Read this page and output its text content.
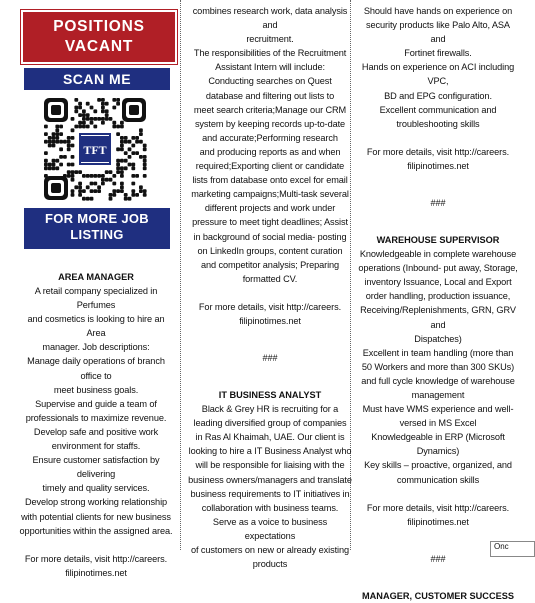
POSITIONS
VACANT
SCAN ME
TFT
FOR MORE JOB
LISTING

AREA MANAGER

A retail company specialized in Perfumes

and cosmetics is looking to hire an Area

manager. Job descriptions:

Manage daily operations of branch office to

meet business goals.

Supervise and guide a team of

professionals to maximize revenue.

Develop safe and positive work

environment for staffs.

Ensure customer satisfaction by delivering

timely and quality services.

Develop strong working relationship

with potential clients for new business

opportunities within the assigned area.

For more details, visit http://careers.

filipinotimes.net

combines research work, data analysis and

recruitment.

The responsibilities of the Recruitment

Assistant Intern will include:

Conducting searches on Quest

database and filtering out lists to

meet search criteria;Manage our CRM

system by keeping records up-to-date

and accurate;Performing research

and producing reports as and when

required;Exporting client or candidate

lists from database onto excel for email

marketing campaigns;Multi-task several

different projects and work under

pressure to meet tight deadlines; Assist

in background of social media- posting

on LinkedIn groups, content curation

and competitor analysis; Preparing

formatted CV.

For more details, visit http://careers.

filipinotimes.net

###

IT BUSINESS ANALYST

Black & Grey HR is recruiting for a

leading diversified group of companies

in Ras Al Khaimah, UAE. Our client is

looking to hire a IT Business Analyst who

will be responsible for liaising with the

business owners/managers and translate

business requirements to IT initiatives in

collaboration with business teams.

Serve as a voice to business expectations

of customers on new or already existing

products

Should have hands on experience on

security products like Palo Alto, ASA and

Fortinet firewalls.

Hands on experience on ACI including VPC,

BD and EPG configuration.

Excellent communication and

troubleshooting skills

For more details, visit http://careers.

filipinotimes.net

###

WAREHOUSE SUPERVISOR

Knowledgeable in complete warehouse

operations (Inbound- put away, Storage,

inventory Issuance, Local and Export

order handling, production issuance,

Receiving/Replenishments, GRN, GRV and

Dispatches)

Excellent in team handling (more than

50 Workers and more than 300 SKUs)

and full cycle knowledge of warehouse

management

Must have WMS experience and well-

versed in MS Excel

Knowledgeable in ERP (Microsoft

Dynamics)

Key skills – proactive, organized, and

communication skills

For more details, visit http://careers.

filipinotimes.net

###

MANAGER, CUSTOMER SUCCESS

Onc
